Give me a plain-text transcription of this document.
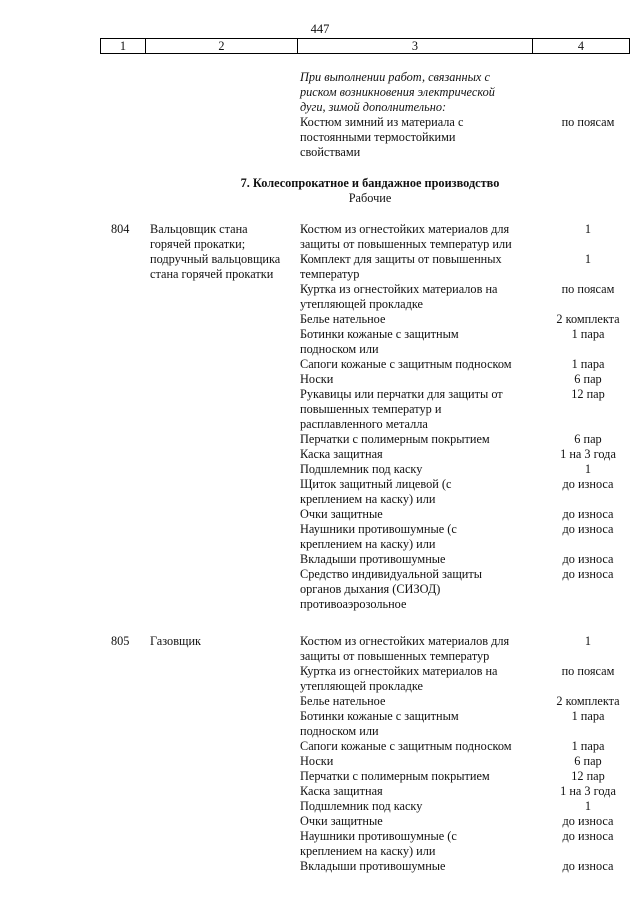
447
1	2	3	4
При выполнении работ, связанных с
риском возникновения электрической
дуги, зимой дополнительно:
Костюм зимний из материала с	по поясам
постоянными термостойкими
свойствами
7. Колесопрокатное и бандажное производство
Рабочие
804 Вальцовщик стана	Костюм из огнестойких материалов для	1
горячей прокатки;	защиты от повышенных температур или
подручный вальцовщика	Комплект для защиты от повышенных	1
стана горячей прокатки	температур
Куртка из огнестойких материалов на	по поясам
утепляющей прокладке
Белье нательное	2 комплекта
Ботинки кожаные с защитным	1 пара
подноском или
Сапоги кожаные с защитным подноском	1 пара
Носки	6 пар
Рукавицы или перчатки для защиты от	12 пар
повышенных температур и
расплавленного металла
Перчатки с полимерным покрытием	6 пар
Каска защитная	1 на 3 года
Подшлемник под каску	1
Щиток защитный лицевой (с	до износа
креплением на каску) или
Очки защитные	до износа
Наушники противошумные (с	до износа
креплением на каску) или
Вкладыши противошумные	до износа
Средство индивидуальной защиты	до износа
органов дыхания (СИЗОД)
противоаэрозольное
805 Газовщик	Костюм из огнестойких материалов для	1
защиты от повышенных температур
Куртка из огнестойких материалов на	по поясам
утепляющей прокладке
Белье нательное	2 комплекта
Ботинки кожаные с защитным	1 пара
подноском или
Сапоги кожаные с защитным подноском	1 пара
Носки	6 пар
Перчатки с полимерным покрытием	12 пар
Каска защитная	1 на 3 года
Подшлемник под каску	1
Очки защитные	до износа
Наушники противошумные (с	до износа
креплением на каску) или
Вкладыши противошумные	до износа
